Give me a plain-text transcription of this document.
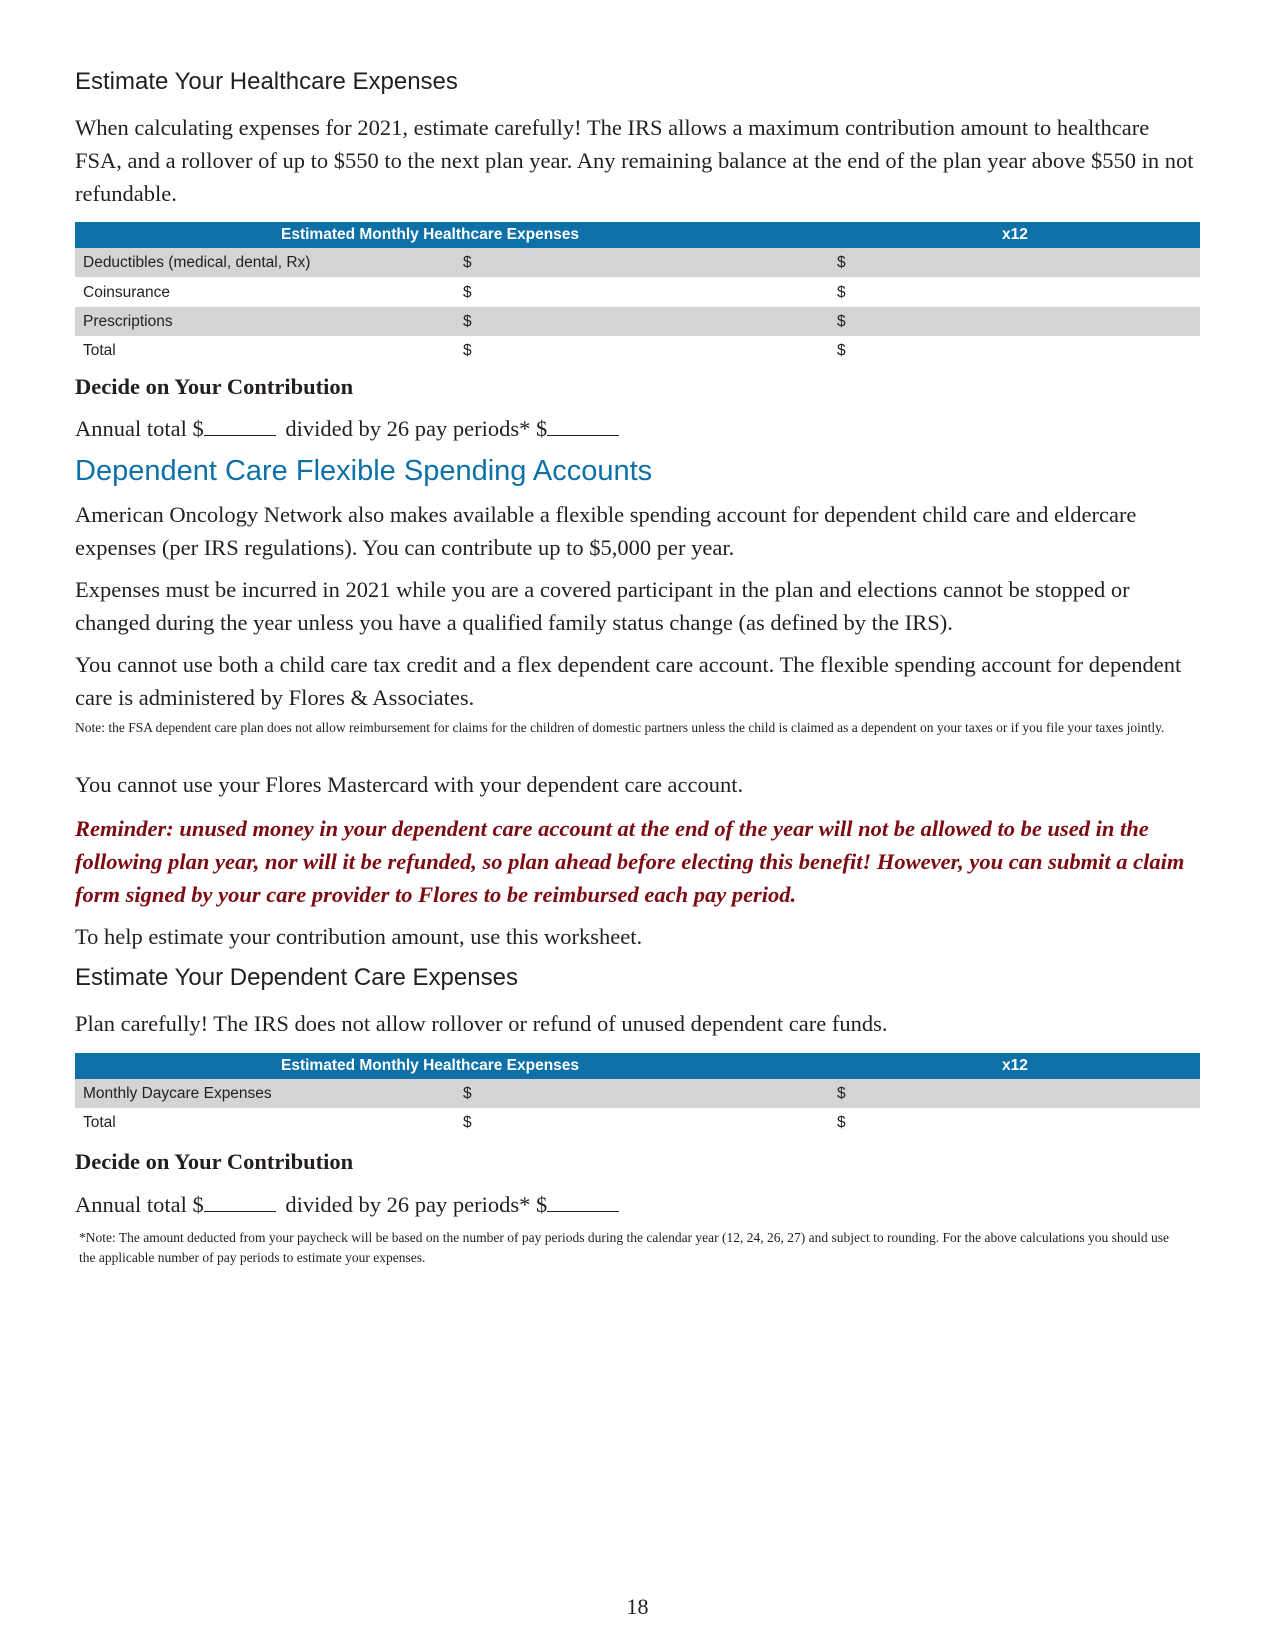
Estimate Your Healthcare Expenses

When calculating expenses for 2021, estimate carefully! The IRS allows a maximum contribution amount to healthcare FSA, and a rollover of up to $550 to the next plan year. Any remaining balance at the end of the plan year above $550 in not refundable.

Estimated Monthly Healthcare Expenses		x12
Deductibles (medical, dental, Rx)	$	$
Coinsurance	$	$
Prescriptions	$	$
Total	$	$

Decide on Your Contribution

Annual total $	divided by 26 pay periods* $

Dependent Care Flexible Spending Accounts

American Oncology Network also makes available a flexible spending account for dependent child care and eldercare expenses (per IRS regulations). You can contribute up to $5,000 per year.

Expenses must be incurred in 2021 while you are a covered participant in the plan and elections cannot be stopped or changed during the year unless you have a qualified family status change (as defined by the IRS).

You cannot use both a child care tax credit and a flex dependent care account. The flexible spending account for dependent care is administered by Flores & Associates.

Note: the FSA dependent care plan does not allow reimbursement for claims for the children of domestic partners unless the child is claimed as a dependent on your taxes or if you file your taxes jointly.

You cannot use your Flores Mastercard with your dependent care account.

Reminder: unused money in your dependent care account at the end of the year will not be allowed to be used in the following plan year, nor will it be refunded, so plan ahead before electing this benefit! However, you can submit a claim form signed by your care provider to Flores to be reimbursed each pay period.

To help estimate your contribution amount, use this worksheet.

Estimate Your Dependent Care Expenses

Plan carefully! The IRS does not allow rollover or refund of unused dependent care funds.

Estimated Monthly Healthcare Expenses		x12
Monthly Daycare Expenses	$	$
Total	$	$

Decide on Your Contribution

Annual total $	divided by 26 pay periods* $

*Note: The amount deducted from your paycheck will be based on the number of pay periods during the calendar year (12, 24, 26, 27) and subject to rounding. For the above calculations you should use the applicable number of pay periods to estimate your expenses.

18
